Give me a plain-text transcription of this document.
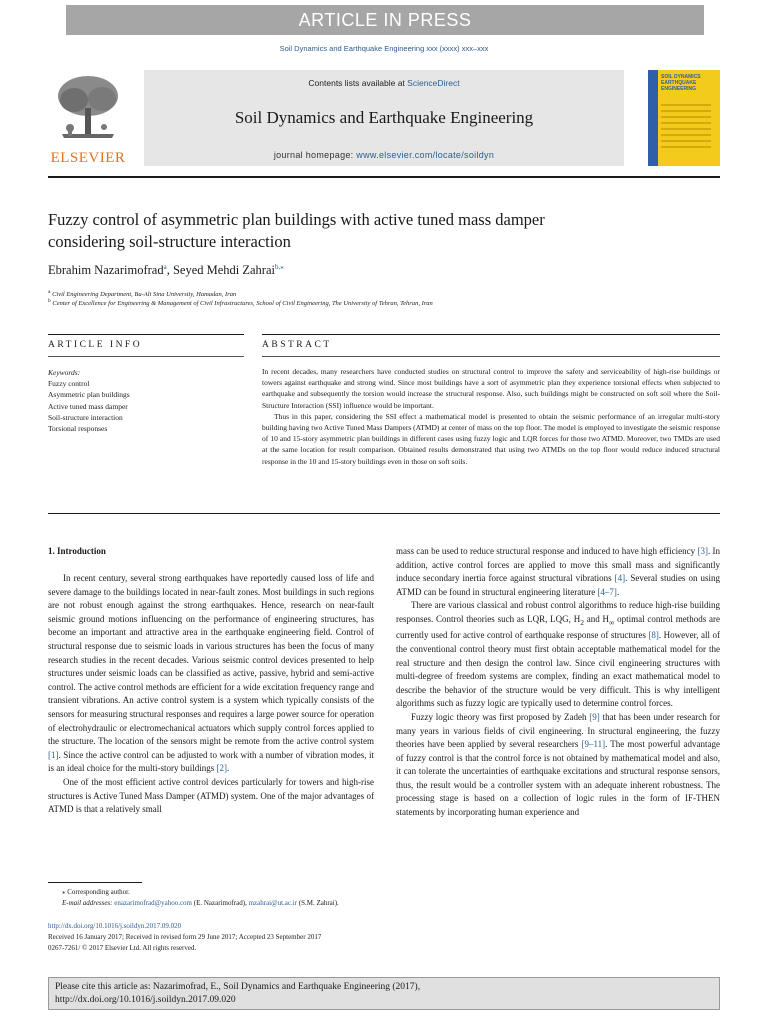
ARTICLE IN PRESS
Soil Dynamics and Earthquake Engineering xxx (xxxx) xxx–xxx
ELSEVIER
Contents lists available at ScienceDirect
Soil Dynamics and Earthquake Engineering
journal homepage: www.elsevier.com/locate/soildyn
SOIL DYNAMICS EARTHQUAKE ENGINEERING
Fuzzy control of asymmetric plan buildings with active tuned mass damper
considering soil-structure interaction
Ebrahim Nazarimofrad$^a$, Seyed Mehdi Zahrai$^{b,⁎}$
$^a$ Civil Engineering Department, Bu-Ali Sina University, Hamadan, Iran
$^b$ Center of Excellence for Engineering & Management of Civil Infrastructures, School of Civil Engineering, The University of Tehran, Tehran, Iran
ARTICLE INFO	ABSTRACT
Keywords:
Fuzzy control
Asymmetric plan buildings
Active tuned mass damper
Soil-structure interaction
Torsional responses

In recent decades, many researchers have conducted studies on structural control to improve the safety and serviceability of high-rise buildings or towers against earthquake and strong wind. Since most buildings have a sort of asymmetric plan they experience torsional effects when subjected to earthquake and subsequently the torsion would increase the structural response. Also, such buildings might be constructed on soft soil where the Soil-Structure Interaction (SSI) influence would be important.

Thus in this paper, considering the SSI effect a mathematical model is presented to obtain the seismic performance of an irregular multi-story building having two Active Tuned Mass Dampers (ATMD) at center of mass on the top floor. The model is employed to investigate the seismic response of 10 and 15-story asymmetric plan buildings in different cases using fuzzy logic and LQR forces for those two ATMD. Moreover, two TMDs are used at the same location for result comparison. Obtained results demonstrated that using two ATMDs on the top floor would reduce induced structural response in the 10 and 15-story buildings even in those on soft soils.

1. Introduction

In recent century, several strong earthquakes have reportedly caused loss of life and severe damage to the buildings located in near-fault zones. Most buildings in such regions are not robust enough against the strong earthquakes. Hence, research on near-fault seismic ground motions influencing on the performance of engineering structures, has become an important and attractive area in the earthquake engineering field. Control of structural response due to seismic loads in various structures has been the focus of many research studies in the recent decades. Various seismic control devices presented to help structures under seismic loads can be classified as active, passive, hybrid and semi-active control. The active control methods are efficient for a wide excitation frequency range and transient vibrations. An active control system is a system which typically consists of the sensors for measuring structural responses and requires a large power source for operation of electrohydraulic or electromechanical actuators which supply control forces applied to the structure. The location of the sensors might be remote from the active control system [1]. Since the active control can be adjusted to work with a number of vibration modes, it is an ideal choice for the multi-story buildings [2].

One of the most efficient active control devices particularly for towers and high-rise structures is Active Tuned Mass Damper (ATMD) system. One of the major advantages of ATMD is that a relatively small

mass can be used to reduce structural response and induced to have high efficiency [3]. In addition, active control forces are applied to move this small mass and significantly induce secondary inertia force against structural vibrations [4]. Several studies on using ATMD can be found in structural engineering literature [4–7].

There are various classical and robust control algorithms to reduce high-rise building responses. Control theories such as LQR, LQG, $H_2$ and $H_\infty$ optimal control methods are currently used for active control of earthquake response of structures [8]. However, all of the conventional control theory must first obtain acceptable mathematical model for the real structure and then design the control law. Since civil engineering structures with multi-degree of freedom systems are complex, finding an exact mathematical model to describe the behavior of the structure would be very difficult. This is why intelligent algorithms such as fuzzy logic are typically used to determine control forces.

Fuzzy logic theory was first proposed by Zadeh [9] that has been under research for many years in various fields of civil engineering. In structural engineering, the fuzzy theories have been applied by several researchers [9–11]. The most powerful advantage of fuzzy control is that the control force is not obtained by mathematical model and also, it can tolerate the uncertainties of earthquake excitations and structural response sensors, thus, the result would be a controller system with an adequate inherent robustness. The processing stage is based on a collection of logic rules in the form of IF-THEN statements by incorporating human experience and

⁎ Corresponding author.
E-mail addresses: enazarimofrad@yahoo.com (E. Nazarimofrad), mzahrai@ut.ac.ir (S.M. Zahrai).
http://dx.doi.org/10.1016/j.soildyn.2017.09.020
Received 16 January 2017; Received in revised form 29 June 2017; Accepted 23 September 2017
0267-7261/ © 2017 Elsevier Ltd. All rights reserved.
Please cite this article as: Nazarimofrad, E., Soil Dynamics and Earthquake Engineering (2017),
http://dx.doi.org/10.1016/j.soildyn.2017.09.020
